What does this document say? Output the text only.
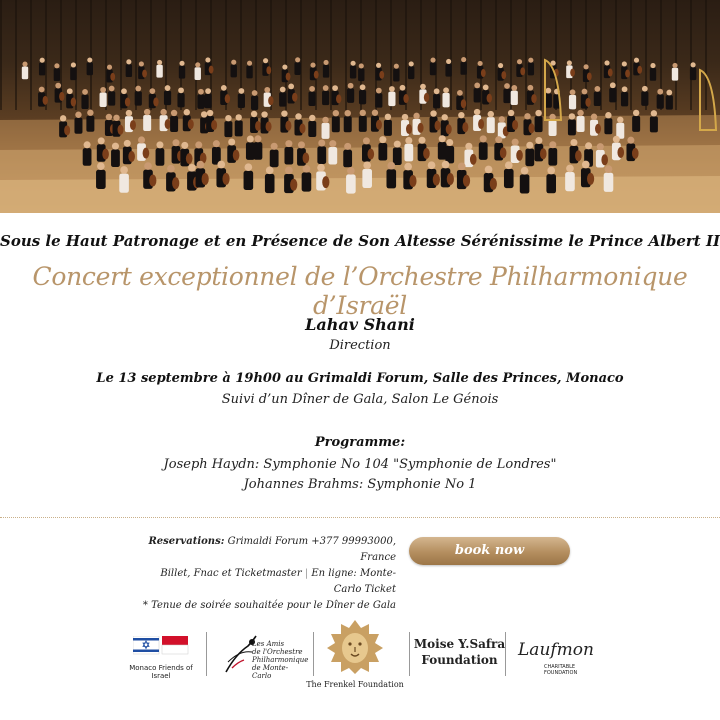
Sous le Haut Patronage et en Présence de Son Altesse Sérénissime le Prince Albert II
Concert exceptionnel de l’Orchestre Philharmonique d’Israël
Lahav Shani
Direction
Le 13 septembre à 19h00 au Grimaldi Forum, Salle des Princes, Monaco
Suivi d’un Dîner de Gala, Salon Le Génois
Programme:
Joseph Haydn: Symphonie No 104 "Symphonie de Londres"
Johannes Brahms: Symphonie No 1
Reservations: Grimaldi Forum +377 99993000, France
Billet, Fnac et Ticketmaster | En ligne: Monte-Carlo Ticket
* Tenue de soirée souhaitée pour le Dîner de Gala
book now
Monaco Friends of Israel
Les Amis
de l'Orchestre
Philharmonique
de Monte-Carlo
The Frenkel Foundation
Moise Y.Safra
Foundation	Laufmon
CHARITABLE FOUNDATION
